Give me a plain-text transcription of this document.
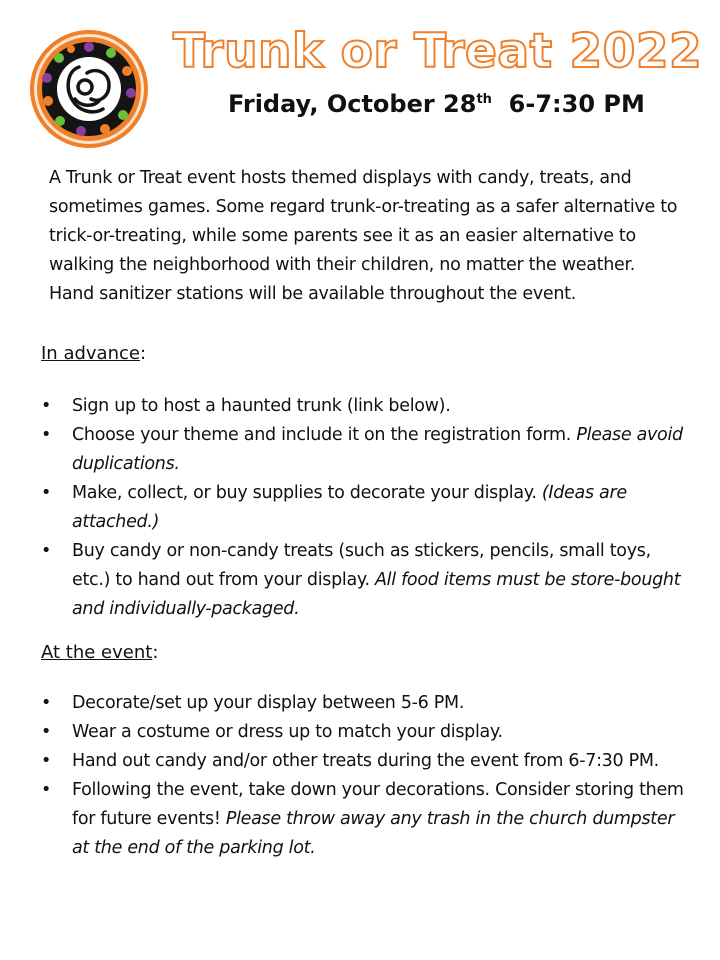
Trunk or Treat 2022
Friday, October 28th 6-7:30 PM

A Trunk or Treat event hosts themed displays with candy, treats, and sometimes games. Some regard trunk-or-treating as a safer alternative to trick-or-treating, while some parents see it as an easier alternative to walking the neighborhood with their children, no matter the weather. Hand sanitizer stations will be available throughout the event.

In advance:
• Sign up to host a haunted trunk (link below).
• Choose your theme and include it on the registration form. Please avoid duplications.
• Make, collect, or buy supplies to decorate your display. (Ideas are attached.)
• Buy candy or non-candy treats (such as stickers, pencils, small toys, etc.) to hand out from your display. All food items must be store-bought and individually-packaged.
At the event:
• Decorate/set up your display between 5-6 PM.
• Wear a costume or dress up to match your display.
• Hand out candy and/or other treats during the event from 6-7:30 PM.
• Following the event, take down your decorations. Consider storing them for future events! Please throw away any trash in the church dumpster at the end of the parking lot.
